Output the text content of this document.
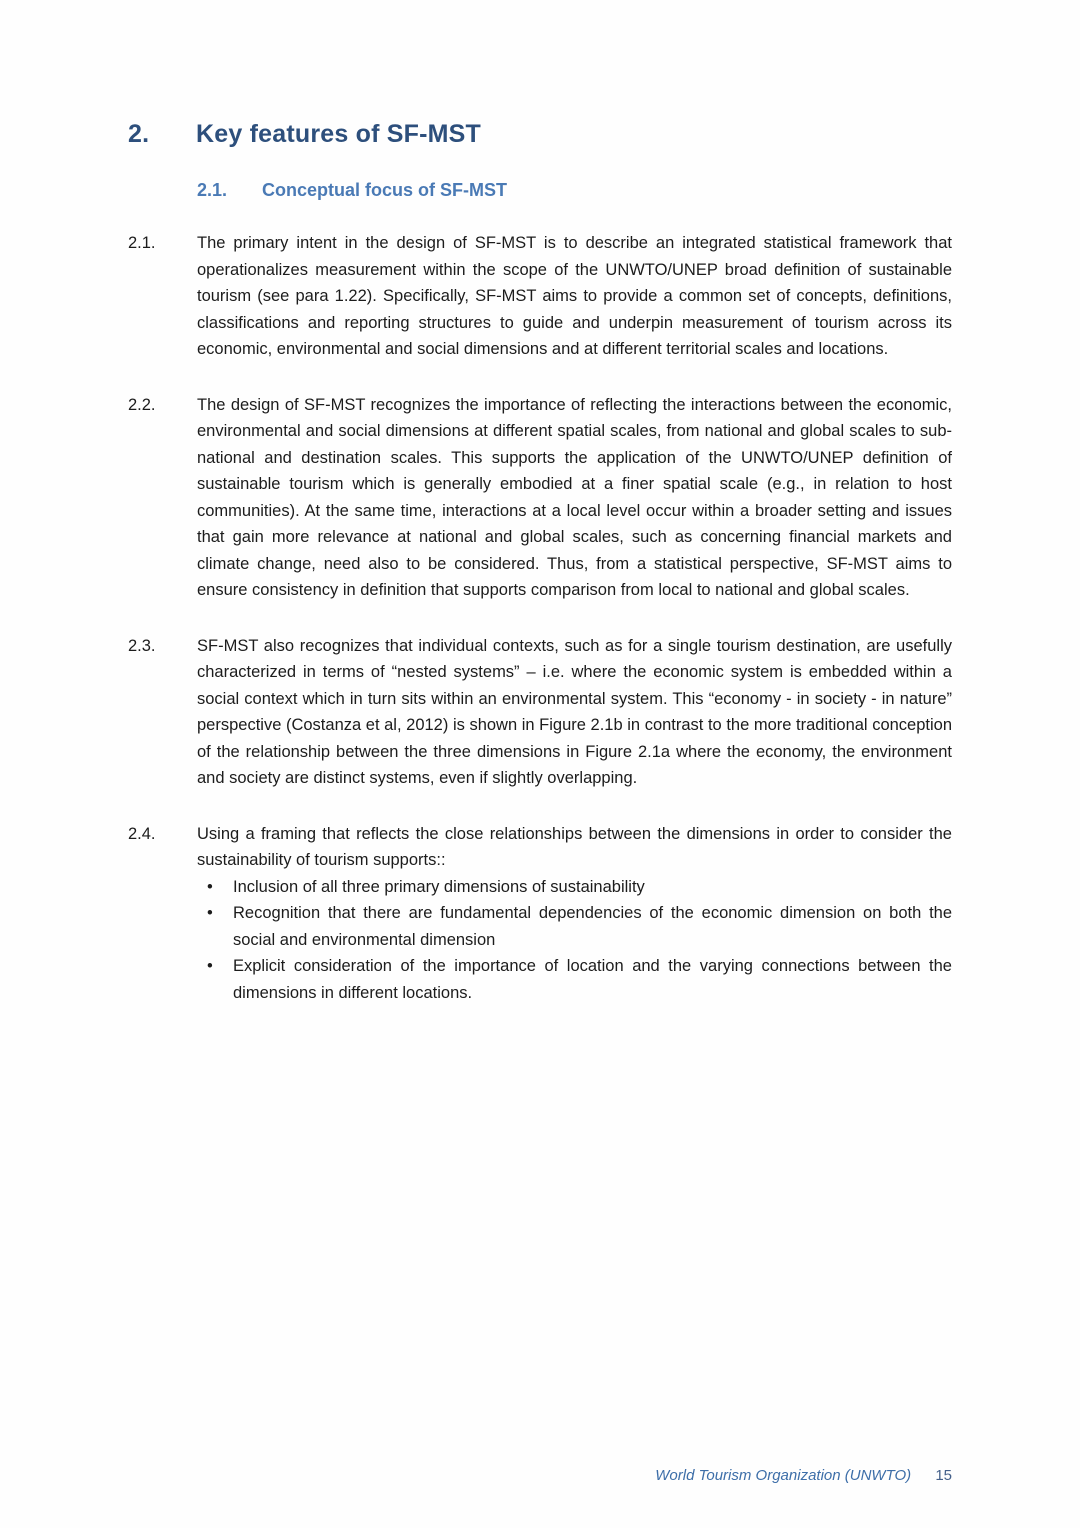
2.	Key features of SF-MST
2.1.	Conceptual focus of SF-MST
2.1.	The primary intent in the design of SF-MST is to describe an integrated statistical framework that operationalizes measurement within the scope of the UNWTO/UNEP broad definition of sustainable tourism (see para 1.22). Specifically, SF-MST aims to provide a common set of concepts, definitions, classifications and reporting structures to guide and underpin measurement of tourism across its economic, environmental and social dimensions and at different territorial scales and locations.
2.2.	The design of SF-MST recognizes the importance of reflecting the interactions between the economic, environmental and social dimensions at different spatial scales, from national and global scales to sub-national and destination scales. This supports the application of the UNWTO/UNEP definition of sustainable tourism which is generally embodied at a finer spatial scale (e.g., in relation to host communities). At the same time, interactions at a local level occur within a broader setting and issues that gain more relevance at national and global scales, such as concerning financial markets and climate change, need also to be considered. Thus, from a statistical perspective, SF-MST aims to ensure consistency in definition that supports comparison from local to national and global scales.
2.3.	SF-MST also recognizes that individual contexts, such as for a single tourism destination, are usefully characterized in terms of “nested systems” – i.e. where the economic system is embedded within a social context which in turn sits within an environmental system. This “economy - in society - in nature” perspective (Costanza et al, 2012) is shown in Figure 2.1b in contrast to the more traditional conception of the relationship between the three dimensions in Figure 2.1a where the economy, the environment and society are distinct systems, even if slightly overlapping.
2.4.	Using a framing that reflects the close relationships between the dimensions in order to consider the sustainability of tourism supports::
• Inclusion of all three primary dimensions of sustainability
• Recognition that there are fundamental dependencies of the economic dimension on both the social and environmental dimension
• Explicit consideration of the importance of location and the varying connections between the dimensions in different locations.
World Tourism Organization (UNWTO) 15
